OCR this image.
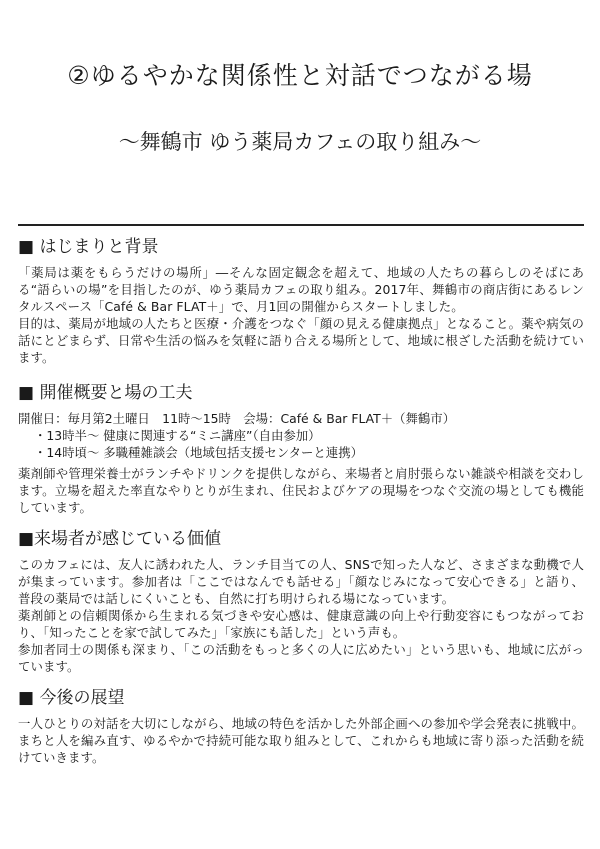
②ゆるやかな関係性と対話でつながる場
〜舞鶴市 ゆう薬局カフェの取り組み〜
■ はじまりと背景

「薬局は薬をもらうだけの場所」―そんな固定観念を超えて、地域の人たちの暮らしのそばにある“語らいの場”を目指したのが、ゆう薬局カフェの取り組み。2017年、舞鶴市の商店街にあるレンタルスペース「Café & Bar FLAT＋」で、月1回の開催からスタートしました。

目的は、薬局が地域の人たちと医療・介護をつなぐ「顔の見える健康拠点」となること。薬や病気の話にとどまらず、日常や生活の悩みを気軽に語り合える場所として、地域に根ざした活動を続けています。

■ 開催概要と場の工夫

開催日：毎月第2土曜日　11時〜15時　会場：Café & Bar FLAT＋（舞鶴市）

・13時半〜 健康に関連する“ミニ講座”（自由参加）

・14時頃〜 多職種雑談会（地域包括支援センターと連携）

薬剤師や管理栄養士がランチやドリンクを提供しながら、来場者と肩肘張らない雑談や相談を交わします。立場を超えた率直なやりとりが生まれ、住民およびケアの現場をつなぐ交流の場としても機能しています。

■来場者が感じている価値

このカフェには、友人に誘われた人、ランチ目当ての人、SNSで知った人など、さまざまな動機で人が集まっています。参加者は「ここではなんでも話せる」「顔なじみになって安心できる」と語り、普段の薬局では話しにくいことも、自然に打ち明けられる場になっています。

薬剤師との信頼関係から生まれる気づきや安心感は、健康意識の向上や行動変容にもつながっており、「知ったことを家で試してみた」「家族にも話した」という声も。

参加者同士の関係も深まり、「この活動をもっと多くの人に広めたい」という思いも、地域に広がっています。

■ 今後の展望

一人ひとりの対話を大切にしながら、地域の特色を活かした外部企画への参加や学会発表に挑戦中。まちと人を編み直す、ゆるやかで持続可能な取り組みとして、これからも地域に寄り添った活動を続けていきます。
